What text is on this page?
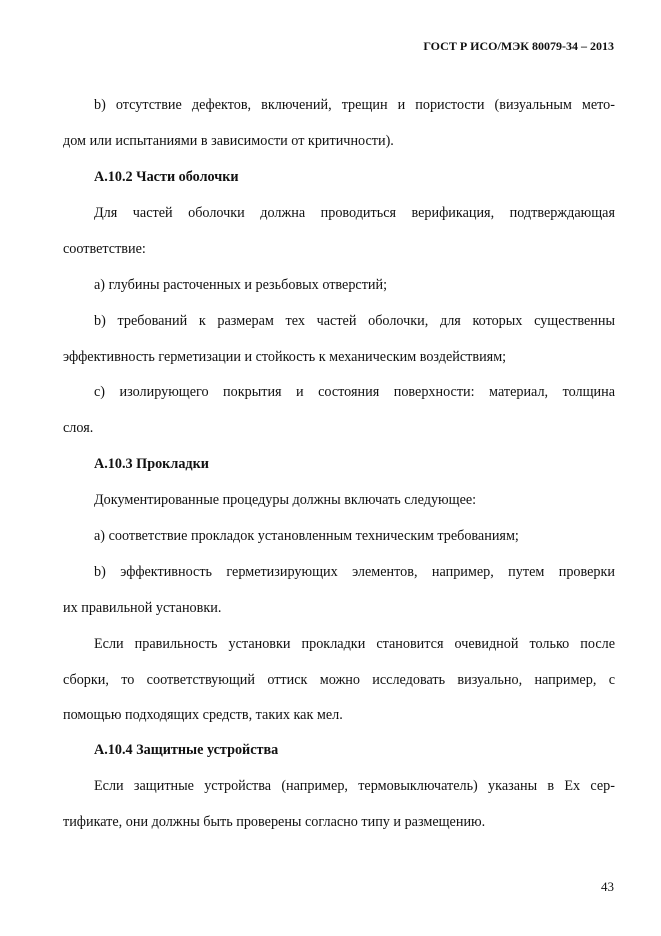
ГОСТ Р ИСО/МЭК 80079-34 – 2013
b) отсутствие дефектов, включений, трещин и пористости (визуальным мето-
дом или испытаниями в зависимости от критичности).
А.10.2 Части оболочки
Для частей оболочки должна проводиться верификация, подтверждающая
соответствие:
a) глубины расточенных и резьбовых отверстий;
b) требований к размерам тех частей оболочки, для которых существенны
эффективность герметизации и стойкость к механическим воздействиям;
c) изолирующего покрытия и состояния поверхности: материал, толщина
слоя.
А.10.3 Прокладки
Документированные процедуры должны включать следующее:
a) соответствие прокладок установленным техническим требованиям;
b) эффективность герметизирующих элементов, например, путем проверки
их правильной установки.
Если правильность установки прокладки становится очевидной только после
сборки, то соответствующий оттиск можно исследовать визуально, например, с
помощью подходящих средств, таких как мел.
А.10.4 Защитные устройства
Если защитные устройства (например, термовыключатель) указаны в Ex сер-
тификате, они должны быть проверены согласно типу и размещению.
43
